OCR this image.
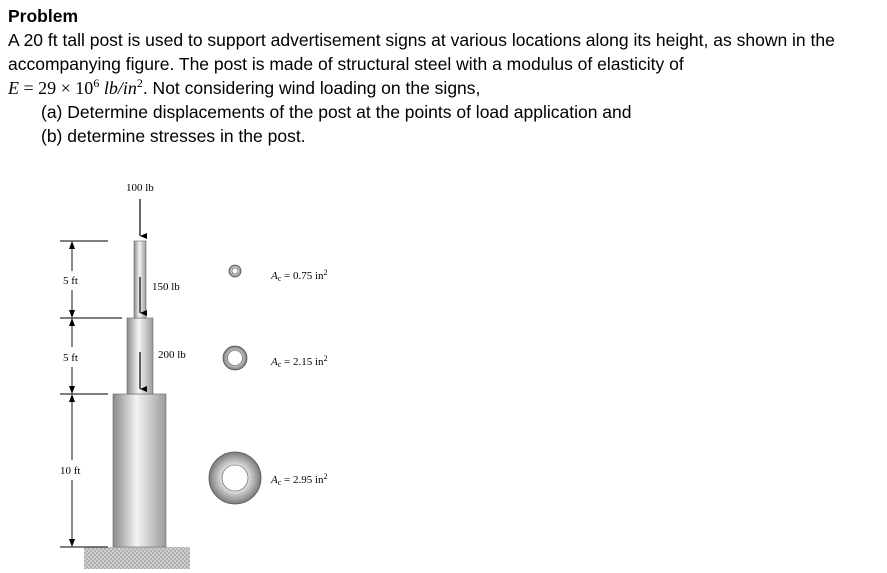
Problem
A 20 ft tall post is used to support advertisement signs at various locations along its height, as shown in the
accompanying figure. The post is made of structural steel with a modulus of elasticity of
$E = 29 \times 10^6$ $lb/in^2$. Not considering wind loading on the signs,
(a) Determine displacements of the post at the points of load application and
(b) determine stresses in the post.
100 lb
150 lb
200 lb
5 ft
5 ft
10 ft
Ac = 0.75 $in^2$
Ac = 2.15 $in^2$
Ac = 2.95 $in^2$
